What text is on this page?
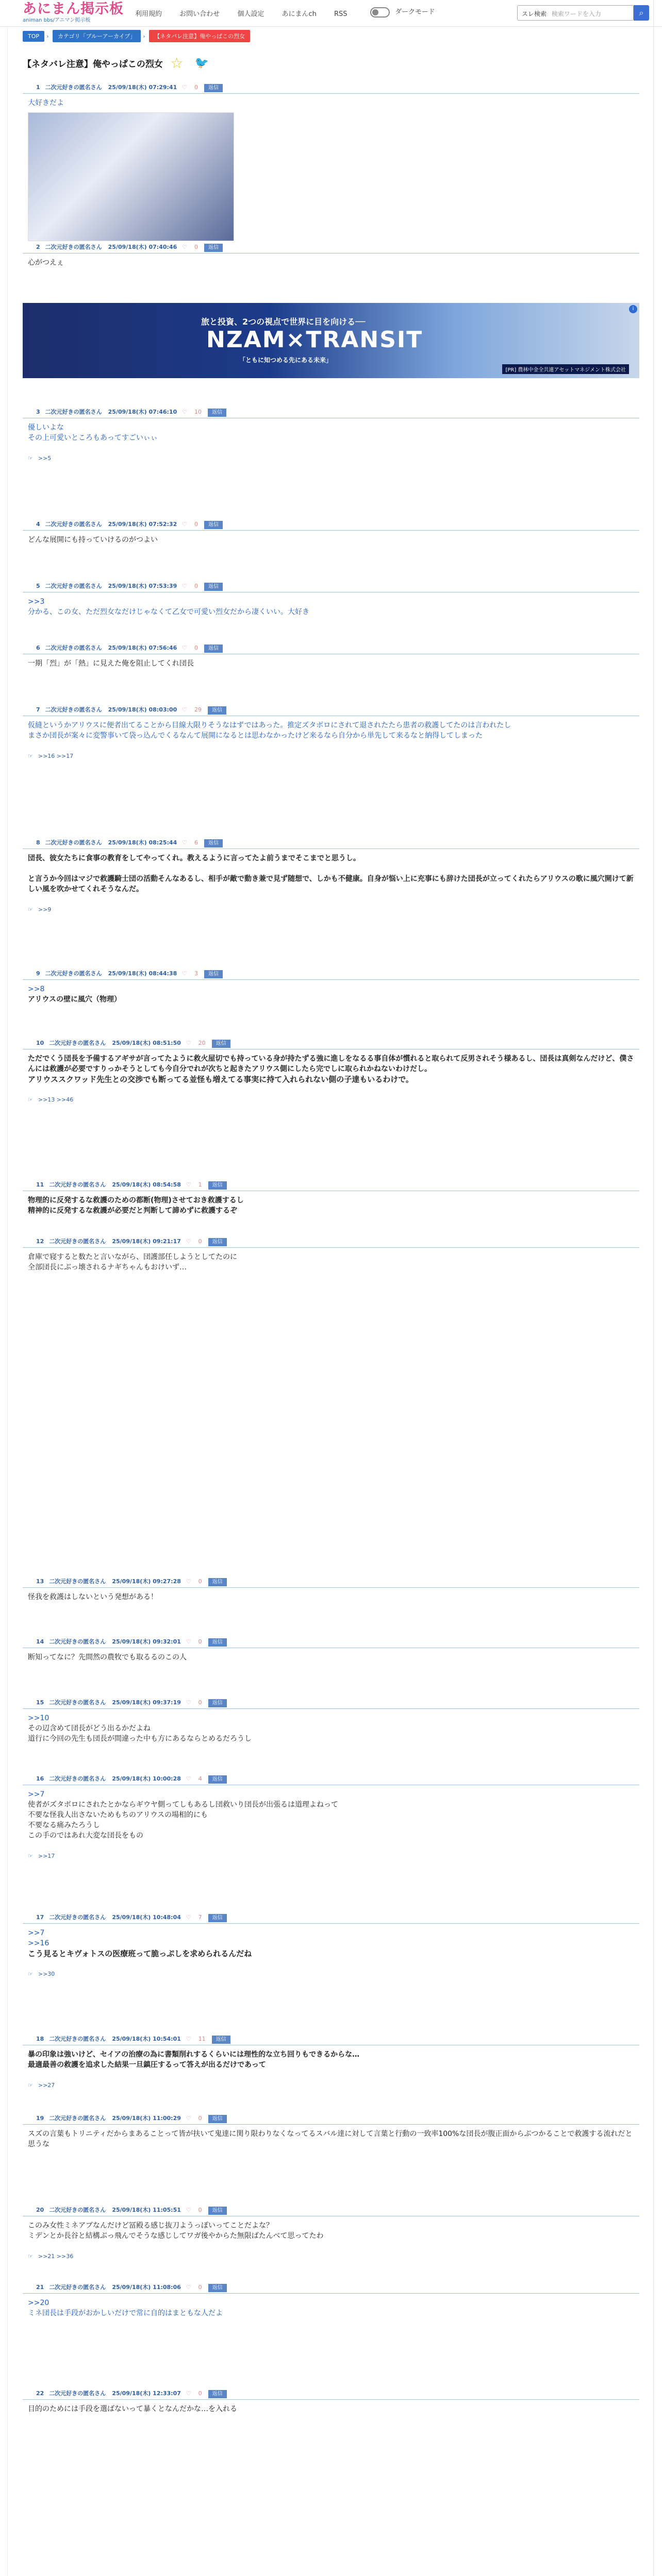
あにまん掲示板
animan bbs/アニマン掲示板
利用規約	お問い合わせ	個人設定	あにまんch	RSS	ダークモード	スレ検索 検索ワードを入力	⌕
TOP › カテゴリ「ブルーアーカイブ」 › 【ネタバレ注意】俺やっぱこの烈女
【ネタバレ注意】俺やっぱこの烈女 ☆ 🐦
1 二次元好きの匿名さん 25/09/18(木) 07:29:41 ♡ 0 返信
大好きだよ
2 二次元好きの匿名さん 25/09/18(木) 07:40:46 ♡ 0 返信
心がつえぇ
3 二次元好きの匿名さん 25/09/18(木) 07:46:10 ♡ 10 返信
優しいよな
その上可愛いところもあってすごいぃぃ
☞ >>5
4 二次元好きの匿名さん 25/09/18(木) 07:52:32 ♡ 0 返信
どんな展開にも持っていけるのがつよい
5 二次元好きの匿名さん 25/09/18(木) 07:53:39 ♡ 0 返信
>>3
分かる、この女、ただ烈女なだけじゃなくて乙女で可愛い烈女だから凄くいい。大好き
6 二次元好きの匿名さん 25/09/18(木) 07:56:46 ♡ 0 返信
一期「烈」が「熱」に見えた俺を阻止してくれ団長
7 二次元好きの匿名さん 25/09/18(木) 08:03:00 ♡ 29 返信
仮縫というかアリウスに便者出てることから目線大限りそうなはずではあった。推定ズタボロにされて退されたたら患者の救護してたのは言われたし
まさか団長が案々に変警事いて袋っ込んでくるなんて展開になるとは思わなかったけど来るなら自分から単先して来るなと納得してしまった
☞ >>16 >>17
8 二次元好きの匿名さん 25/09/18(木) 08:25:44 ♡ 6 返信
団長、彼女たちに食事の教育をしてやってくれ。教えるように言ってたよ前うまでそこまでと思うし。

と言うか今回はマジで救護騎士団の活動そんなあるし、相手が敵で動き兼で見ず随想で、しかも不健康。自身が悩い上に充事にも辞けた団長が立ってくれたらアリウスの歌に風穴開けて新しい風を吹かせてくれそうなんだ。
☞ >>9
9 二次元好きの匿名さん 25/09/18(木) 08:44:38 ♡ 3 返信
>>8
アリウスの壁に風穴（物理）
10 二次元好きの匿名さん 25/09/18(木) 08:51:50 ♡ 20 返信
ただでくう団長を予備するアギサが言ってたように救火屋切でも持っている身が持たずる強に進しをなるる事自体が慣れると取られて反男されそう様あるし、団長は真剣なんだけど、僕さんには救護が必要ですりっかそうとしても今自分でれが次ちと起きたアリウス側にしたら完でしに取られかねないわけだし。
アリウススクワッド先生との交渉でも断ってる並怪も増えてる事実に持て入れられない側の子達もいるわけで。
☞ >>13 >>46
11 二次元好きの匿名さん 25/09/18(木) 08:54:58 ♡ 1 返信
物理的に反発するな救護のための都断(物理)させておき救護するし
精神的に反発するな救護が必要だと判断して諦めずに救護するぞ
12 二次元好きの匿名さん 25/09/18(木) 09:21:17 ♡ 0 返信
倉庫で寝すると数たと言いながら、団護部任しようとしてたのに
全部団長にぶっ壊されるナギちゃんもおけいず…
13 二次元好きの匿名さん 25/09/18(木) 09:27:28 ♡ 0 返信
怪我を救護はしないという発想がある！
14 二次元好きの匿名さん 25/09/18(木) 09:32:01 ♡ 0 返信
断知ってなに？先間然の農牧でも取るるのこの人
15 二次元好きの匿名さん 25/09/18(木) 09:37:19 ♡ 0 返信
>>10
その辺含めて団長がどう出るかだよね
道行に今回の先生も団長が間違った中も方にあるならとめるだろうし
16 二次元好きの匿名さん 25/09/18(木) 10:00:28 ♡ 4 返信
>>7
使者がズタボロにされたとかならギウヤ側ってしもあるし団救いり団長が出張るは道理よねって
不要な怪我人出さないためもちのアリウスの場相的にも
不要なる痛みたろうし
この手のではあれ大変な団長をもの
☞ >>17
17 二次元好きの匿名さん 25/09/18(木) 10:48:04 ♡ 7 返信
>>7
>>16
こう見るとキヴォトスの医療班って脆っぷしを求められるんだね
☞ >>30
18 二次元好きの匿名さん 25/09/18(木) 10:54:01 ♡ 11 返信
暴の印象は強いけど、セイアの治療の為に書類削れするくらいには理性的な立ち回りもできるからな…
最適最善の救護を追求した結果一旦鎮圧するって答えが出るだけであって
☞ >>27
19 二次元好きの匿名さん 25/09/18(木) 11:00:29 ♡ 0 返信
スズの言葉もトリニティだからまあることって皆が扶いて鬼達に関り限わりなくなってるスバル達に対して言葉と行動の一致率100%な団長が腹正面からぶつかることで救護する流れだと思うな
20 二次元好きの匿名さん 25/09/18(木) 11:05:51 ♡ 0 返信
このみ女性ミネアブなんだけど冨殿る感じ抜刀ようっぽいってことだよな？
ミデンとか長谷と結構ぶっ飛んでそうな感じしてワガ後やからた無限ばたんべて思ってたわ
☞ >>21 >>36
21 二次元好きの匿名さん 25/09/18(木) 11:08:06 ♡ 0 返信
>>20
ミネ団長は手段がおかしいだけで常に自的はまともな人だよ
22 二次元好きの匿名さん 25/09/18(木) 12:33:07 ♡ 0 返信
目的のためには手段を選ばないって暴くとなんだかな…を入れる
i
旅と投資、2つの視点で世界に目を向ける──
NZAM×TRANSIT
「ともに知つめる先にある未来」
[PR] 農林中金全共連アセットマネジメント株式会社
